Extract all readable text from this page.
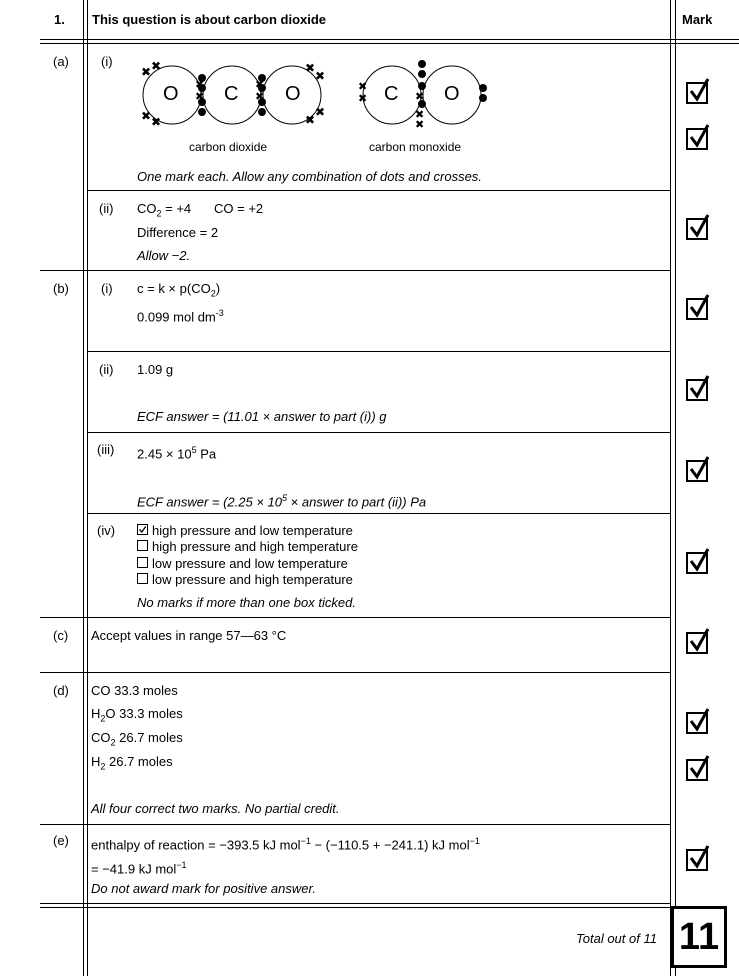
1. This question is about carbon dioxide	Mark
(a) (i)
✖ ✖
✖ ✖
✖
✖
✖
✖
✖
✖
✖
✖
O C O	✖
✖	✖
✖
✖
C O
carbon dioxide	carbon monoxide
One mark each. Allow any combination of dots and crosses.
(ii) $CO_2 = +4$ CO = +2
Difference = 2
Allow −2.
(b) (i) $c = k \times p(CO_2)$
0.099 mol $dm^{-3}$
(ii) 1.09 g
ECF answer = (11.01 × answer to part (i)) g
(iii) $2.45 \times 10^5$ Pa
ECF answer = ($2.25 \times 10^5$ × answer to part (ii)) Pa
(iv)	high pressure and low temperature
high pressure and high temperature
low pressure and low temperature
low pressure and high temperature
No marks if more than one box ticked.
(c) Accept values in range 57—63 °C
(d) CO 33.3 moles
$H_2O$ 33.3 moles
$CO_2$ 26.7 moles
$H_2$ 26.7 moles
All four correct two marks. No partial credit.
(e) enthalpy of reaction = −393.5 kJ mol$^{-1}$ − (−110.5 + −241.1) kJ mol$^{-1}$
= −41.9 kJ mol$^{-1}$
Do not award mark for positive answer.
Total out of 11 11
